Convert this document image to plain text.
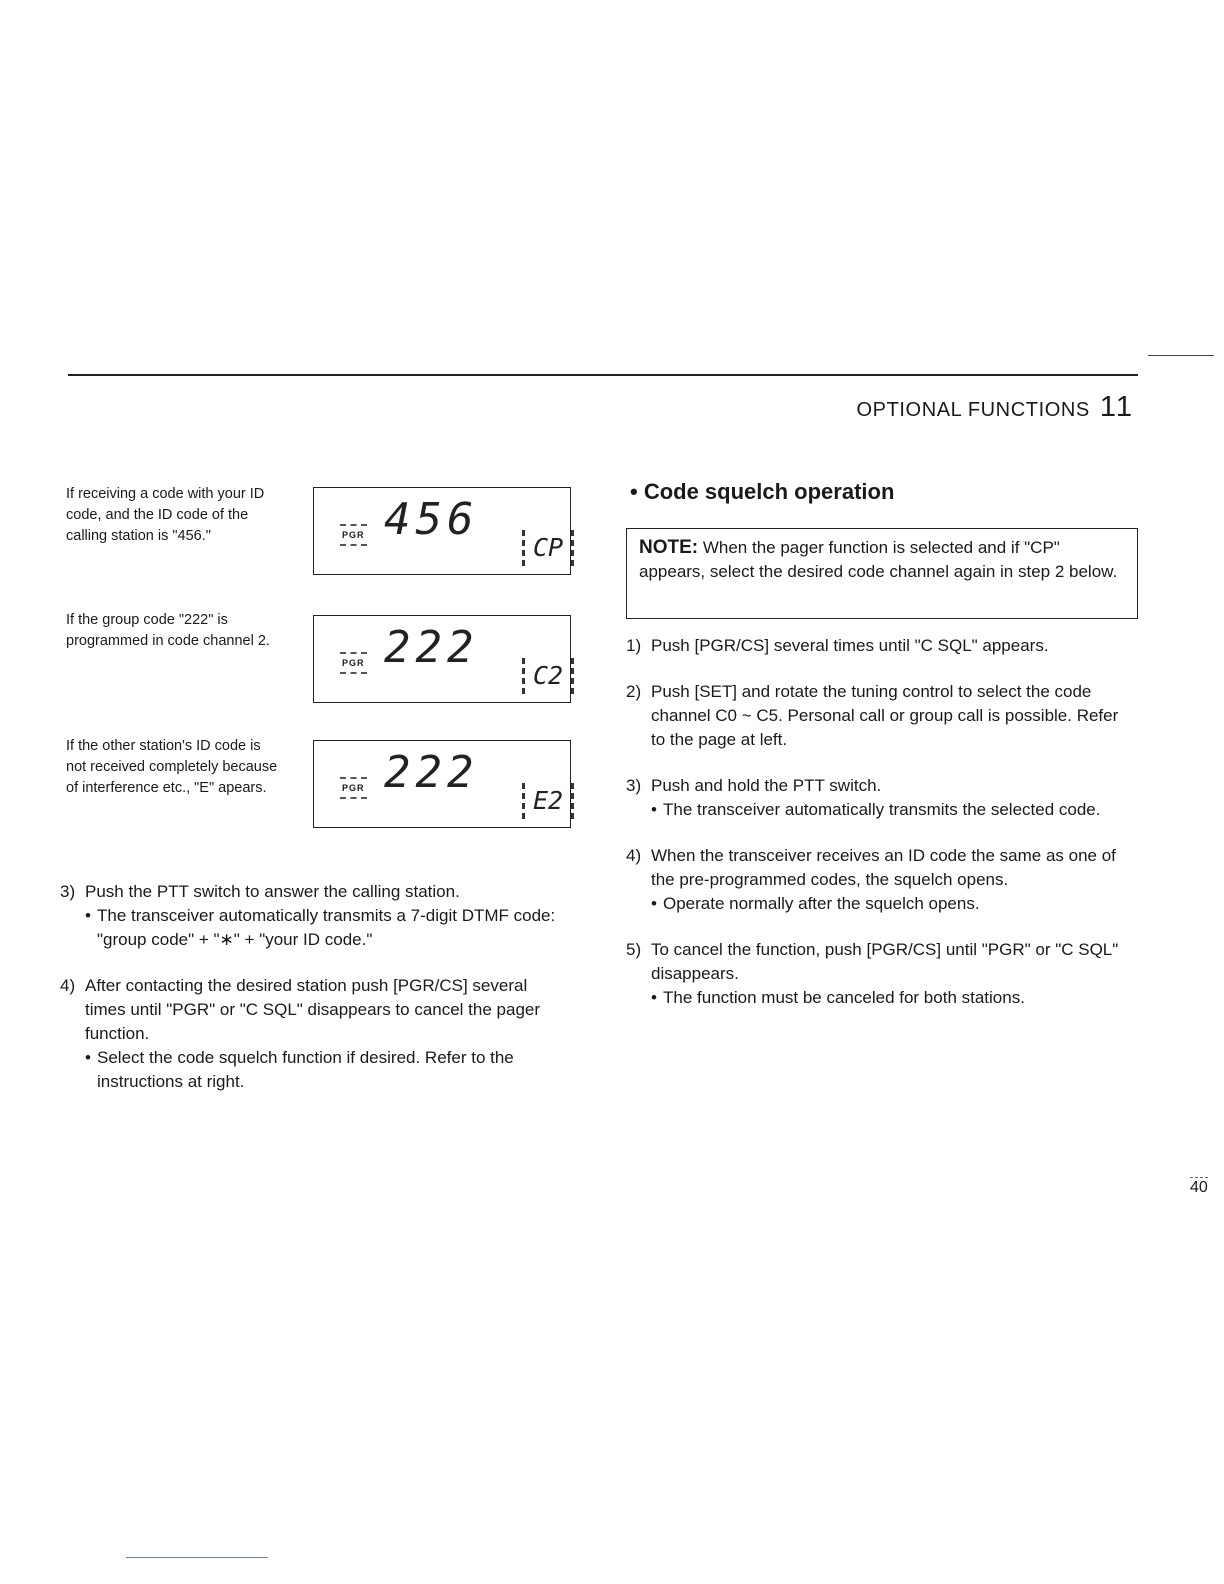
OPTIONAL FUNCTIONS 11
If receiving a code with your ID code, and the ID code of the calling station is "456."	PGR 456
CP
If the group code "222" is programmed in code channel 2.
PGR 222
C2
If the other station's ID code is not received completely because of interference etc., "E" apears.	PGR 222
E2
3) Push the PTT switch to answer the calling station.
• The transceiver automatically transmits a 7-digit DTMF code: "group code" + "∗" + "your ID code."
4) After contacting the desired station push [PGR/CS] several times until "PGR" or "C SQL" disappears to cancel the pager function.
• Select the code squelch function if desired. Refer to the instructions at right.
• Code squelch operation
NOTE: When the pager function is selected and if "CP" appears, select the desired code channel again in step 2 below.
1) Push [PGR/CS] several times until "C SQL" appears.
2) Push [SET] and rotate the tuning control to select the code channel C0 ~ C5. Personal call or group call is possible. Refer to the page at left.
3) Push and hold the PTT switch.
• The transceiver automatically transmits the selected code.
4) When the transceiver receives an ID code the same as one of the pre-programmed codes, the squelch opens.
• Operate normally after the squelch opens.
5) To cancel the function, push [PGR/CS] until "PGR" or "C SQL" disappears.
• The function must be canceled for both stations.
40
